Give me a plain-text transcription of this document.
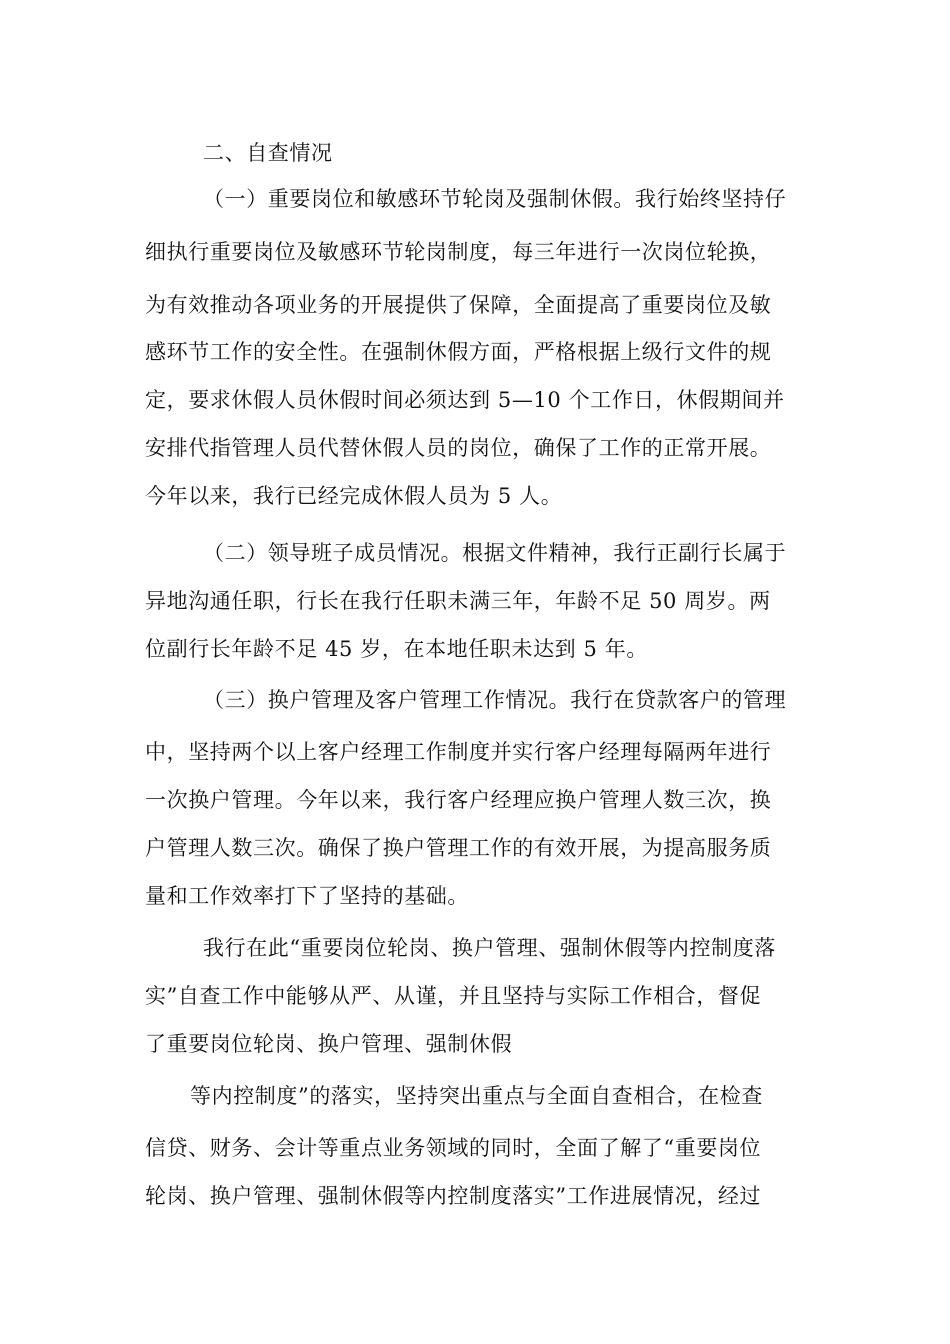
二、自查情况
（一）重要岗位和敏感环节轮岗及强制休假。我行始终坚持仔
细执行重要岗位及敏感环节轮岗制度，每三年进行一次岗位轮换，
为有效推动各项业务的开展提供了保障，全面提高了重要岗位及敏
感环节工作的安全性。在强制休假方面，严格根据上级行文件的规
定，要求休假人员休假时间必须达到 5—10 个工作日，休假期间并
安排代指管理人员代替休假人员的岗位，确保了工作的正常开展。
今年以来，我行已经完成休假人员为 5 人。
（二）领导班子成员情况。根据文件精神，我行正副行长属于
异地沟通任职，行长在我行任职未满三年，年龄不足 50 周岁。两
位副行长年龄不足 45 岁，在本地任职未达到 5 年。
（三）换户管理及客户管理工作情况。我行在贷款客户的管理
中，坚持两个以上客户经理工作制度并实行客户经理每隔两年进行
一次换户管理。今年以来，我行客户经理应换户管理人数三次，换
户管理人数三次。确保了换户管理工作的有效开展，为提高服务质
量和工作效率打下了坚持的基础。
我行在此“重要岗位轮岗、换户管理、强制休假等内控制度落
实”自查工作中能够从严、从谨，并且坚持与实际工作相合，督促
了重要岗位轮岗、换户管理、强制休假
等内控制度”的落实，坚持突出重点与全面自查相合，在检查
信贷、财务、会计等重点业务领域的同时，全面了解了“重要岗位
轮岗、换户管理、强制休假等内控制度落实”工作进展情况，经过
